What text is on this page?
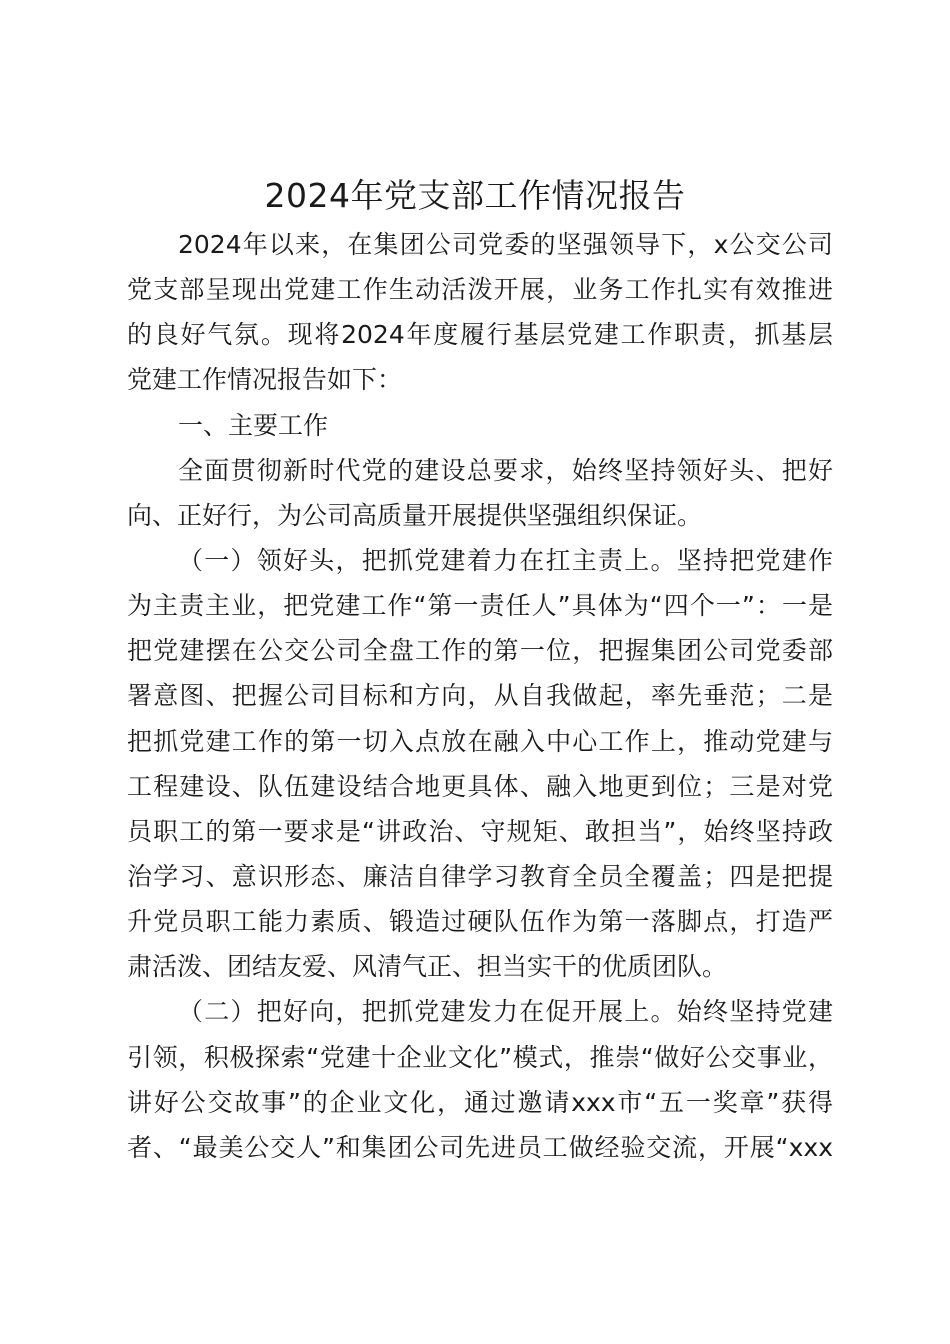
2024年党支部工作情况报告
2024年以来，在集团公司党委的坚强领导下，x公交公司
党支部呈现出党建工作生动活泼开展，业务工作扎实有效推进
的良好气氛。现将2024年度履行基层党建工作职责，抓基层
党建工作情况报告如下：
一、主要工作
全面贯彻新时代党的建设总要求，始终坚持领好头、把好
向、正好行，为公司高质量开展提供坚强组织保证。
（一）领好头，把抓党建着力在扛主责上。坚持把党建作
为主责主业，把党建工作“第一责任人”具体为“四个一”：一是
把党建摆在公交公司全盘工作的第一位，把握集团公司党委部
署意图、把握公司目标和方向，从自我做起，率先垂范；二是
把抓党建工作的第一切入点放在融入中心工作上，推动党建与
工程建设、队伍建设结合地更具体、融入地更到位；三是对党
员职工的第一要求是“讲政治、守规矩、敢担当”，始终坚持政
治学习、意识形态、廉洁自律学习教育全员全覆盖；四是把提
升党员职工能力素质、锻造过硬队伍作为第一落脚点，打造严
肃活泼、团结友爱、风清气正、担当实干的优质团队。
（二）把好向，把抓党建发力在促开展上。始终坚持党建
引领，积极探索“党建十企业文化”模式，推崇“做好公交事业，
讲好公交故事”的企业文化，通过邀请xxx市“五一奖章”获得
者、“最美公交人”和集团公司先进员工做经验交流，开展“xxx
